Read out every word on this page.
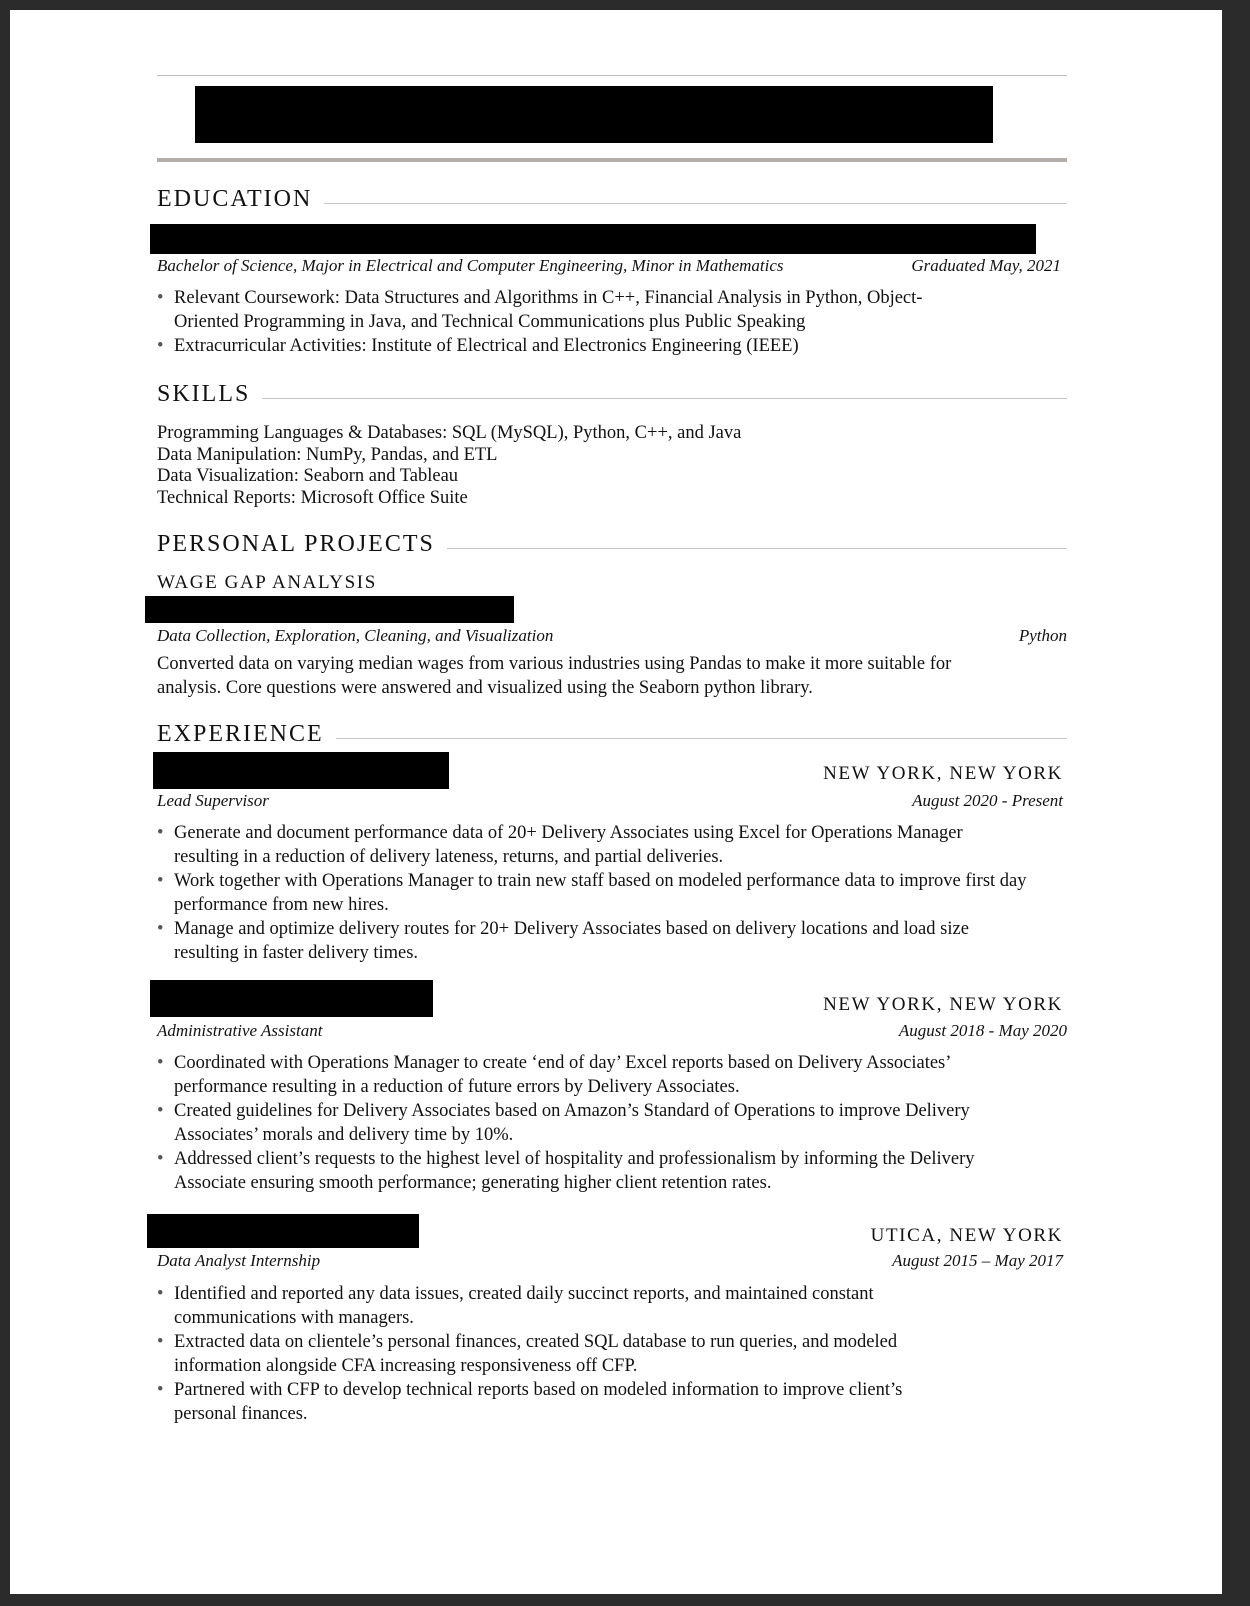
EDUCATION
Bachelor of Science, Major in Electrical and Computer Engineering, Minor in Mathematics	Graduated May, 2021
• Relevant Coursework: Data Structures and Algorithms in C++, Financial Analysis in Python, Object-Oriented Programming in Java, and Technical Communications plus Public Speaking
• Extracurricular Activities: Institute of Electrical and Electronics Engineering (IEEE)
SKILLS
Programming Languages & Databases: SQL (MySQL), Python, C++, and Java
Data Manipulation: NumPy, Pandas, and ETL
Data Visualization: Seaborn and Tableau
Technical Reports: Microsoft Office Suite
PERSONAL PROJECTS
WAGE GAP ANALYSIS
Data Collection, Exploration, Cleaning, and Visualization	Python
Converted data on varying median wages from various industries using Pandas to make it more suitable for analysis. Core questions were answered and visualized using the Seaborn python library.
EXPERIENCE
NEW YORK, NEW YORK
Lead Supervisor	August 2020 - Present
• Generate and document performance data of 20+ Delivery Associates using Excel for Operations Manager resulting in a reduction of delivery lateness, returns, and partial deliveries.
• Work together with Operations Manager to train new staff based on modeled performance data to improve first day performance from new hires.
• Manage and optimize delivery routes for 20+ Delivery Associates based on delivery locations and load size resulting in faster delivery times.
NEW YORK, NEW YORK
Administrative Assistant	August 2018 - May 2020
• Coordinated with Operations Manager to create ‘end of day’ Excel reports based on Delivery Associates’ performance resulting in a reduction of future errors by Delivery Associates.
• Created guidelines for Delivery Associates based on Amazon’s Standard of Operations to improve Delivery Associates’ morals and delivery time by 10%.
• Addressed client’s requests to the highest level of hospitality and professionalism by informing the Delivery Associate ensuring smooth performance; generating higher client retention rates.
UTICA, NEW YORK
Data Analyst Internship	August 2015 – May 2017
• Identified and reported any data issues, created daily succinct reports, and maintained constant communications with managers.
• Extracted data on clientele’s personal finances, created SQL database to run queries, and modeled information alongside CFA increasing responsiveness off CFP.
• Partnered with CFP to develop technical reports based on modeled information to improve client’s personal finances.
